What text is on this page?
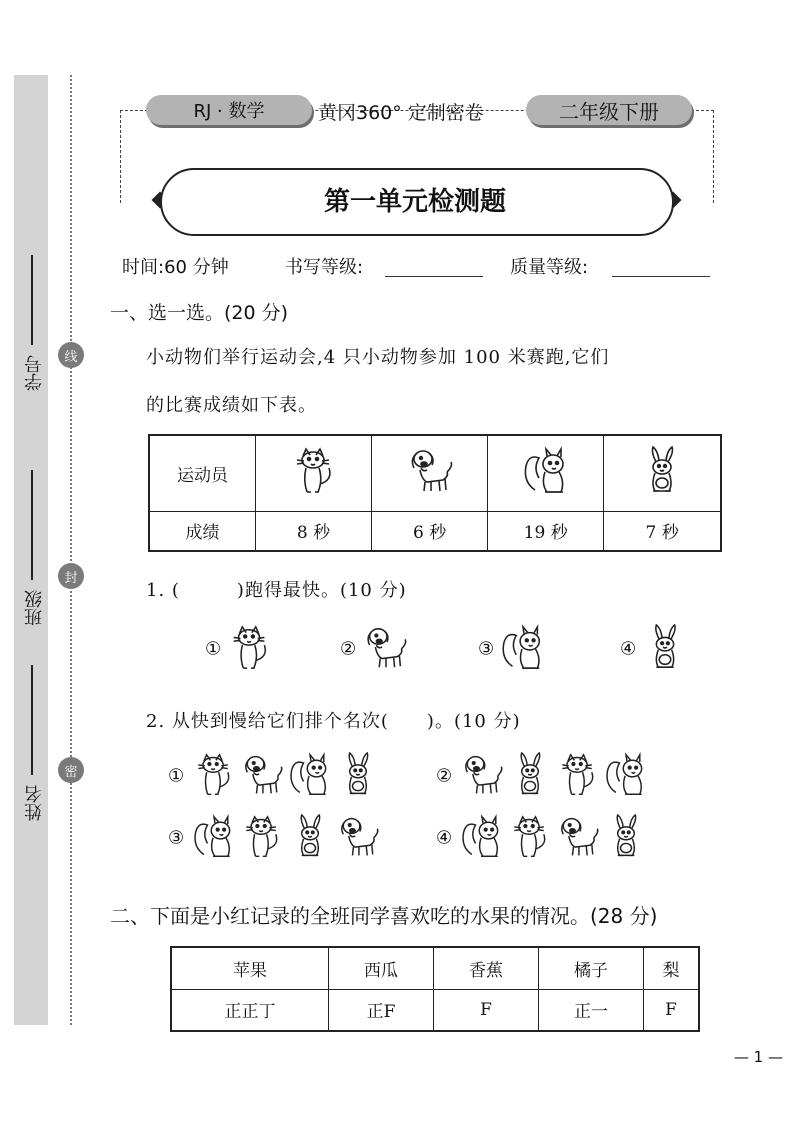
学号
班级
姓名
线
封
密
RJ · 数学	黄冈360° 定制密卷	二年级下册
第一单元检测题
时间:60 分钟	书写等级:	质量等级:
一、选一选。(20 分)
小动物们举行运动会,4 只小动物参加 100 米赛跑,它们
的比赛成绩如下表。
运动员				
成绩	8 秒	6 秒	19 秒	7 秒
1. (　　　)跑得最快。(10 分)
①	②	③	④
2. 从快到慢给它们排个名次(　　)。(10 分)
①	②
③	④
二、下面是小红记录的全班同学喜欢吃的水果的情况。(28 分)
苹果	西瓜	香蕉	橘子	梨
正正丁	正F	F	正一	F
— 1 —
